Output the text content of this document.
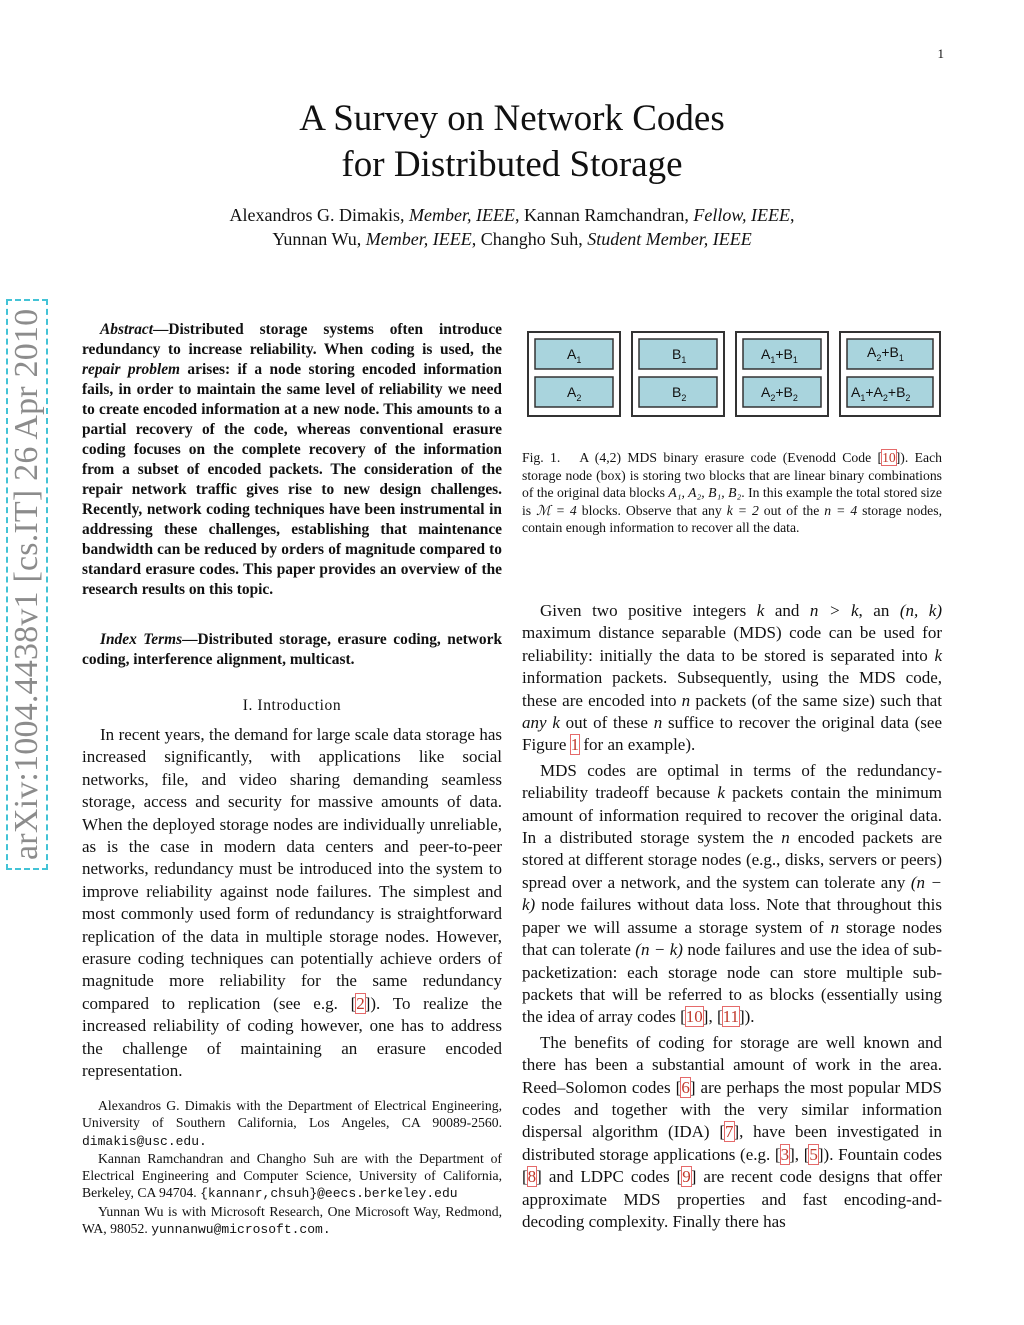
1
A Survey on Network Codes
for Distributed Storage
Alexandros G. Dimakis, Member, IEEE, Kannan Ramchandran, Fellow, IEEE,
Yunnan Wu, Member, IEEE, Changho Suh, Student Member, IEEE
arXiv:1004.4438v1 [cs.IT] 26 Apr 2010	Abstract—Distributed storage systems often introduce redundancy to increase reliability. When coding is used, the repair problem arises: if a node storing encoded information fails, in order to maintain the same level of reliability we need to create encoded information at a new node. This amounts to a partial recovery of the code, whereas conventional erasure coding focuses on the complete recovery of the information from a subset of encoded packets. The consideration of the repair network traffic gives rise to new design challenges. Recently, network coding techniques have been instrumental in addressing these challenges, establishing that maintenance bandwidth can be reduced by orders of magnitude compared to standard erasure codes. This paper provides an overview of the research results on this topic.

Index Terms—Distributed storage, erasure coding, network coding, interference alignment, multicast.

I. Introduction

In recent years, the demand for large scale data storage has increased significantly, with applications like social networks, file, and video sharing demanding seamless storage, access and security for massive amounts of data. When the deployed storage nodes are individually unreliable, as is the case in modern data centers and peer-to-peer networks, redundancy must be introduced into the system to improve reliability against node failures. The simplest and most commonly used form of redundancy is straightforward replication of the data in multiple storage nodes. However, erasure coding techniques can potentially achieve orders of magnitude more reliability for the same redundancy compared to replication (see e.g. [2]). To realize the increased reliability of coding however, one has to address the challenge of maintaining an erasure encoded representation.

Alexandros G. Dimakis with the Department of Electrical Engineering, University of Southern California, Los Angeles, CA 90089-2560. dimakis@usc.edu.

Kannan Ramchandran and Changho Suh are with the Department of Electrical Engineering and Computer Science, University of California, Berkeley, CA 94704. {kannanr,chsuh}@eecs.berkeley.edu

Yunnan Wu is with Microsoft Research, One Microsoft Way, Redmond, WA, 98052. yunnanwu@microsoft.com.

$A_1$
$A_2$
$B_1$
$B_2$
$A_1+B_1$
$A_2+B_2$
$A_2+B_1$
$A_1+A_2+B_2$

Fig. 1. A (4,2) MDS binary erasure code (Evenodd Code [10]). Each storage node (box) is storing two blocks that are linear binary combinations of the original data blocks A₁, A₂, B₁, B₂. In this example the total stored size is ℳ = 4 blocks. Observe that any k = 2 out of the n = 4 storage nodes, contain enough information to recover all the data.

Given two positive integers k and n > k, an (n, k) maximum distance separable (MDS) code can be used for reliability: initially the data to be stored is separated into k information packets. Subsequently, using the MDS code, these are encoded into n packets (of the same size) such that any k out of these n suffice to recover the original data (see Figure 1 for an example).

MDS codes are optimal in terms of the redundancy-reliability tradeoff because k packets contain the minimum amount of information required to recover the original data. In a distributed storage system the n encoded packets are stored at different storage nodes (e.g., disks, servers or peers) spread over a network, and the system can tolerate any (n − k) node failures without data loss. Note that throughout this paper we will assume a storage system of n storage nodes that can tolerate (n − k) node failures and use the idea of sub-packetization: each storage node can store multiple sub-packets that will be referred to as blocks (essentially using the idea of array codes [10], [11]).

The benefits of coding for storage are well known and there has been a substantial amount of work in the area. Reed–Solomon codes [6] are perhaps the most popular MDS codes and together with the very similar information dispersal algorithm (IDA) [7], have been investigated in distributed storage applications (e.g. [3], [5]). Fountain codes [8] and LDPC codes [9] are recent code designs that offer approximate MDS properties and fast encoding-and-decoding complexity. Finally there has
